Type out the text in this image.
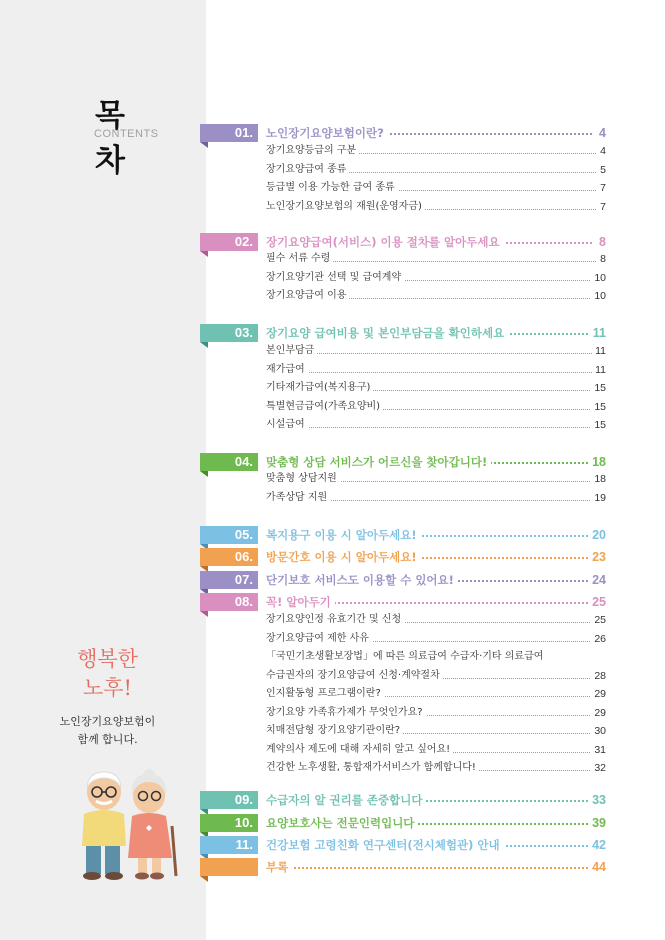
목 차
CONTENTS
행복한
노후!
노인장기요양보험이
함께 합니다.
01.	노인장기요양보험이란?	4
장기요양등급의 구분	4
장기요양급여 종류	5
등급별 이용 가능한 급여 종류	7
노인장기요양보험의 재원(운영자금)	7
02.	장기요양급여(서비스) 이용 절차를 알아두세요	8
필수 서류 수령	8
장기요양기관 선택 및 급여계약	10
장기요양급여 이용	10
03.	장기요양 급여비용 및 본인부담금을 확인하세요	11
본인부담금	11
재가급여	11
기타재가급여(복지용구)	15
특별현금급여(가족요양비)	15
시설급여	15
04.	맞춤형 상담 서비스가 어르신을 찾아갑니다!	18
맞춤형 상담지원	18
가족상담 지원	19
05.	복지용구 이용 시 알아두세요!	20
06.	방문간호 이용 시 알아두세요!	23
07.	단기보호 서비스도 이용할 수 있어요!	24
08.	꼭! 알아두기	25
장기요양인정 유효기간 및 신청	25
장기요양급여 제한 사유	26
「국민기초생활보장법」에 따른 의료급여 수급자·기타 의료급여
수급권자의 장기요양급여 신청·계약절차	28
인지활동형 프로그램이란?	29
장기요양 가족휴가제가 무엇인가요?	29
치매전담형 장기요양기관이란?	30
계약의사 제도에 대해 자세히 알고 싶어요!	31
건강한 노후생활, 통합재가서비스가 함께합니다!	32
09.	수급자의 알 권리를 존중합니다	33
10.	요양보호사는 전문인력입니다	39
11.	건강보험 고령친화 연구센터(전시체험관) 안내	42
부록	44
